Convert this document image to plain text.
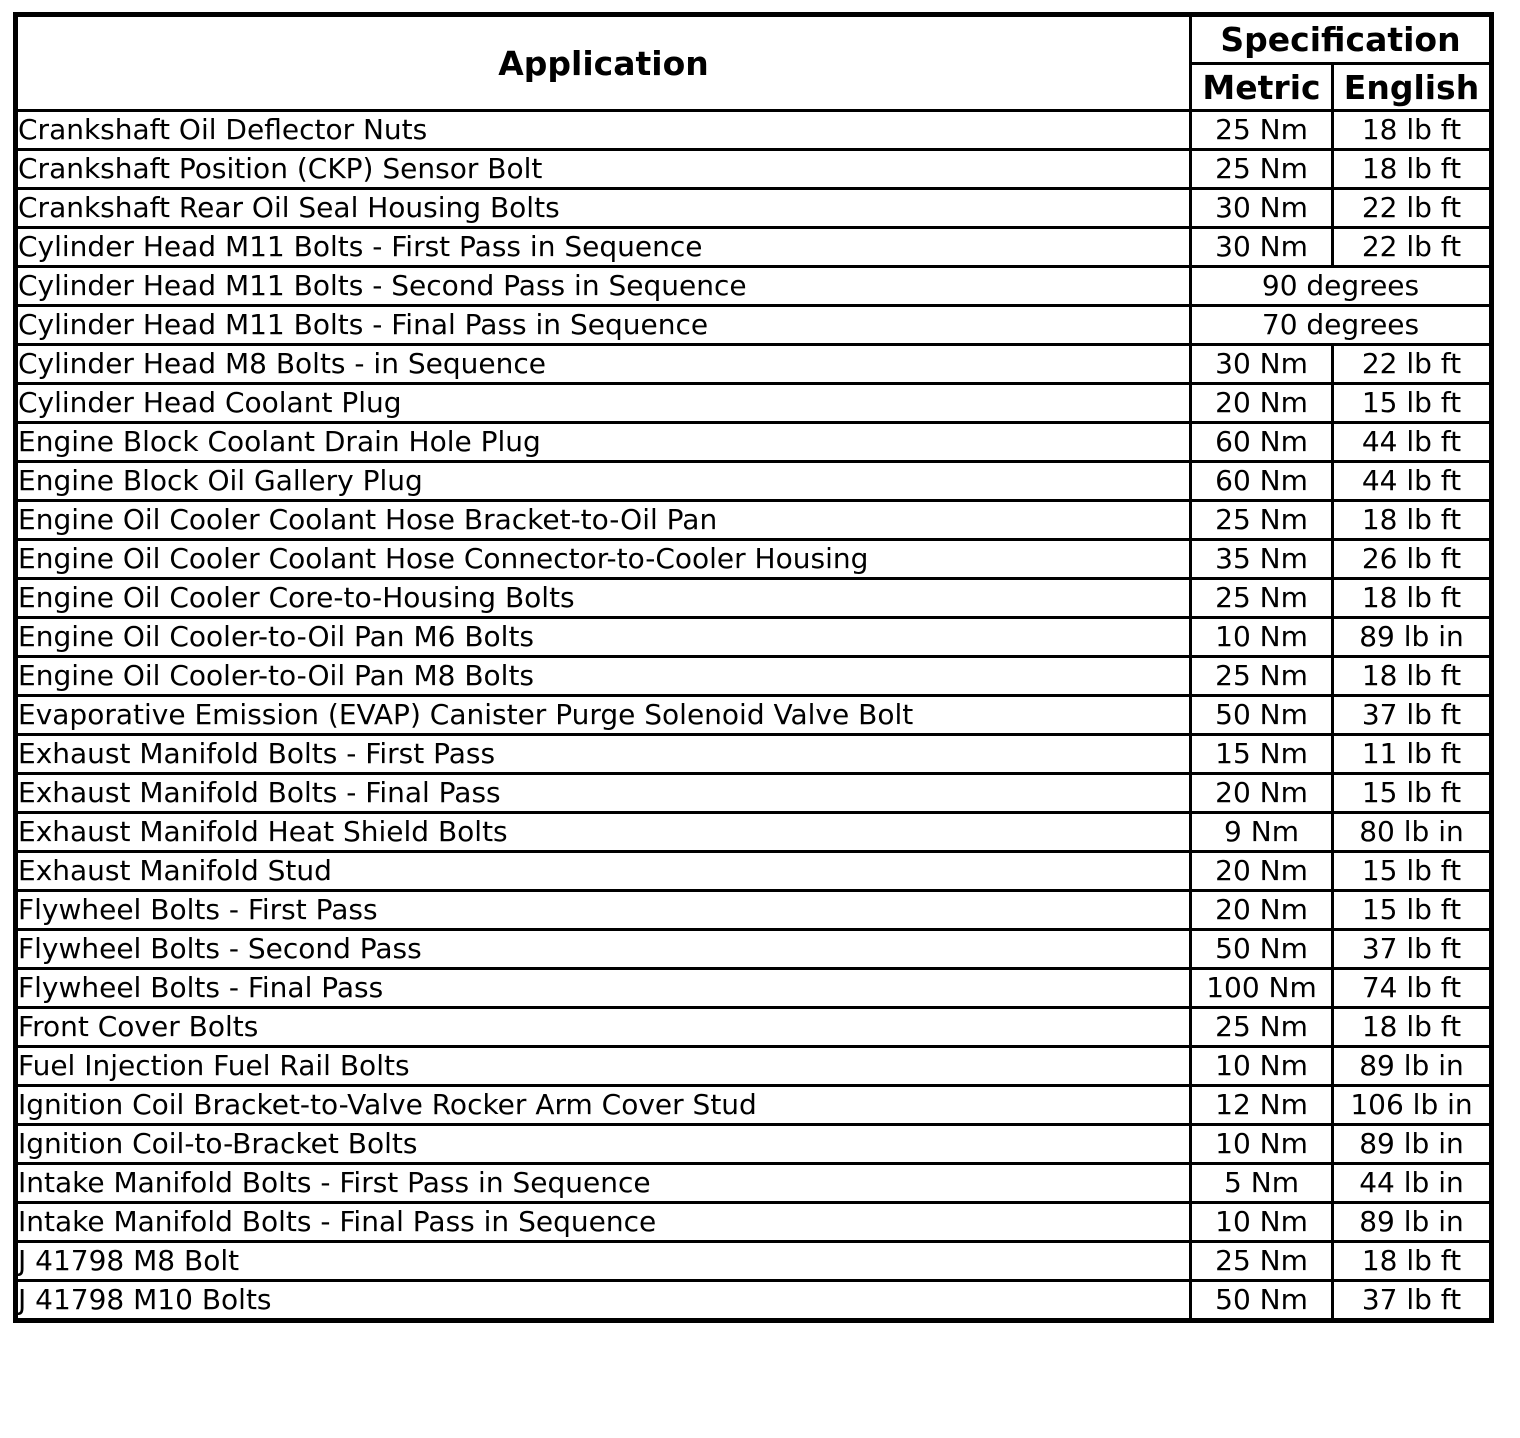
Application	Specification	
	Metric	English
Crankshaft Oil Deflector Nuts	25 Nm	18 lb ft
Crankshaft Position (CKP) Sensor Bolt	25 Nm	18 lb ft
Crankshaft Rear Oil Seal Housing Bolts	30 Nm	22 lb ft
Cylinder Head M11 Bolts - First Pass in Sequence	30 Nm	22 lb ft
Cylinder Head M11 Bolts - Second Pass in Sequence	90 degrees	
Cylinder Head M11 Bolts - Final Pass in Sequence	70 degrees	
Cylinder Head M8 Bolts - in Sequence	30 Nm	22 lb ft
Cylinder Head Coolant Plug	20 Nm	15 lb ft
Engine Block Coolant Drain Hole Plug	60 Nm	44 lb ft
Engine Block Oil Gallery Plug	60 Nm	44 lb ft
Engine Oil Cooler Coolant Hose Bracket-to-Oil Pan	25 Nm	18 lb ft
Engine Oil Cooler Coolant Hose Connector-to-Cooler Housing	35 Nm	26 lb ft
Engine Oil Cooler Core-to-Housing Bolts	25 Nm	18 lb ft
Engine Oil Cooler-to-Oil Pan M6 Bolts	10 Nm	89 lb in
Engine Oil Cooler-to-Oil Pan M8 Bolts	25 Nm	18 lb ft
Evaporative Emission (EVAP) Canister Purge Solenoid Valve Bolt	50 Nm	37 lb ft
Exhaust Manifold Bolts - First Pass	15 Nm	11 lb ft
Exhaust Manifold Bolts - Final Pass	20 Nm	15 lb ft
Exhaust Manifold Heat Shield Bolts	9 Nm	80 lb in
Exhaust Manifold Stud	20 Nm	15 lb ft
Flywheel Bolts - First Pass	20 Nm	15 lb ft
Flywheel Bolts - Second Pass	50 Nm	37 lb ft
Flywheel Bolts - Final Pass	100 Nm	74 lb ft
Front Cover Bolts	25 Nm	18 lb ft
Fuel Injection Fuel Rail Bolts	10 Nm	89 lb in
Ignition Coil Bracket-to-Valve Rocker Arm Cover Stud	12 Nm	106 lb in
Ignition Coil-to-Bracket Bolts	10 Nm	89 lb in
Intake Manifold Bolts - First Pass in Sequence	5 Nm	44 lb in
Intake Manifold Bolts - Final Pass in Sequence	10 Nm	89 lb in
J 41798 M8 Bolt	25 Nm	18 lb ft
J 41798 M10 Bolts	50 Nm	37 lb ft
